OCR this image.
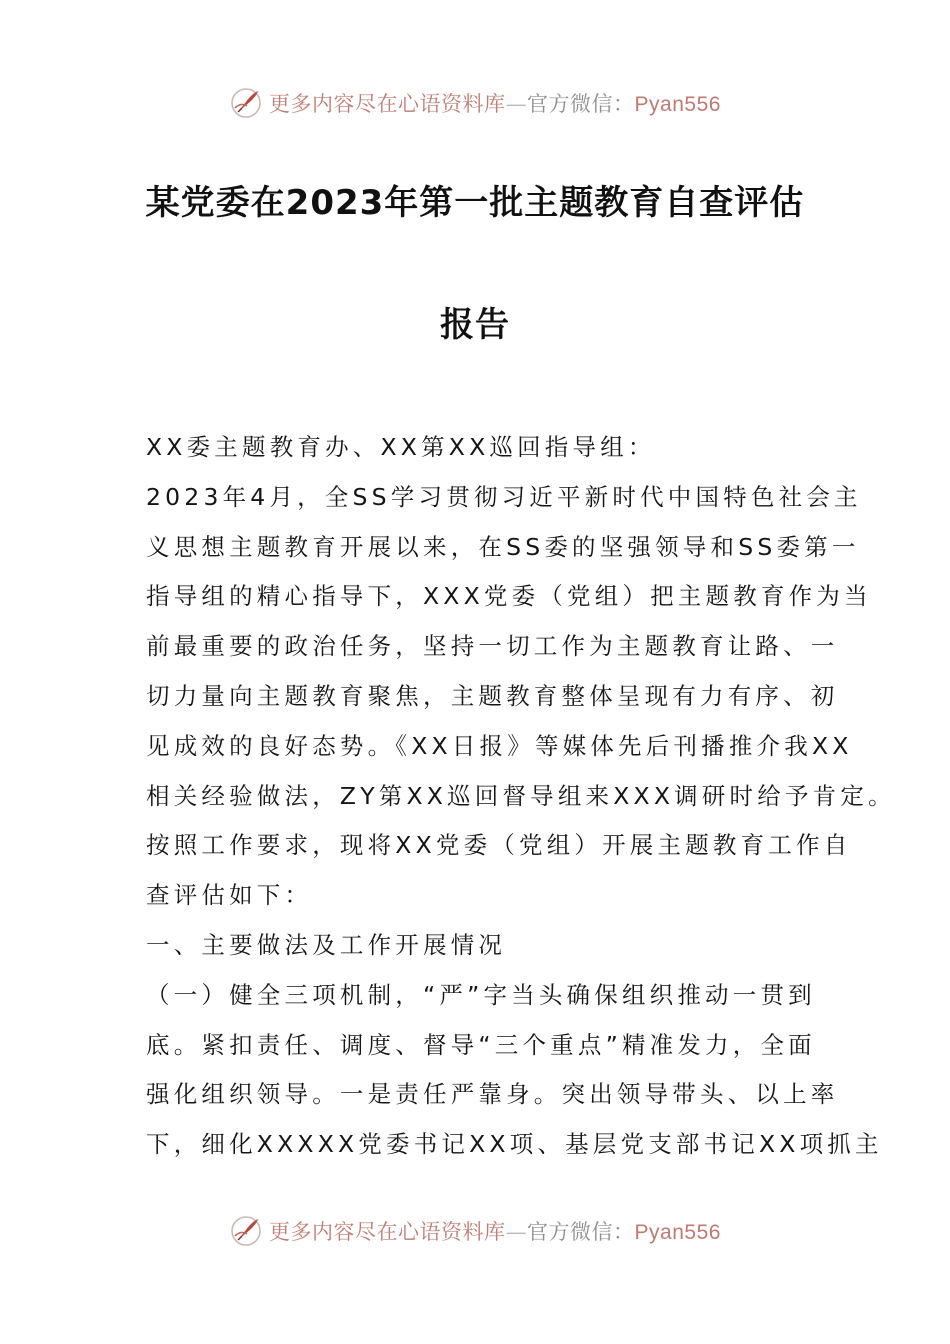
更多内容尽在心语资料库—官方微信：Pyan556
某党委在2023年第一批主题教育自查评估
报告
XX委主题教育办、XX第XX巡回指导组：
2023年4月，全SS学习贯彻习近平新时代中国特色社会主
义思想主题教育开展以来，在SS委的坚强领导和SS委第一
指导组的精心指导下，XXX党委（党组）把主题教育作为当
前最重要的政治任务，坚持一切工作为主题教育让路、一
切力量向主题教育聚焦，主题教育整体呈现有力有序、初
见成效的良好态势。《XX日报》等媒体先后刊播推介我XX
相关经验做法，ZY第XX巡回督导组来XXX调研时给予肯定。
按照工作要求，现将XX党委（党组）开展主题教育工作自
查评估如下：
一、主要做法及工作开展情况
（一）健全三项机制，“严”字当头确保组织推动一贯到
底。紧扣责任、调度、督导“三个重点”精准发力，全面
强化组织领导。一是责任严靠身。突出领导带头、以上率
下，细化XXXXX党委书记XX项、基层党支部书记XX项抓主
更多内容尽在心语资料库—官方微信：Pyan556
